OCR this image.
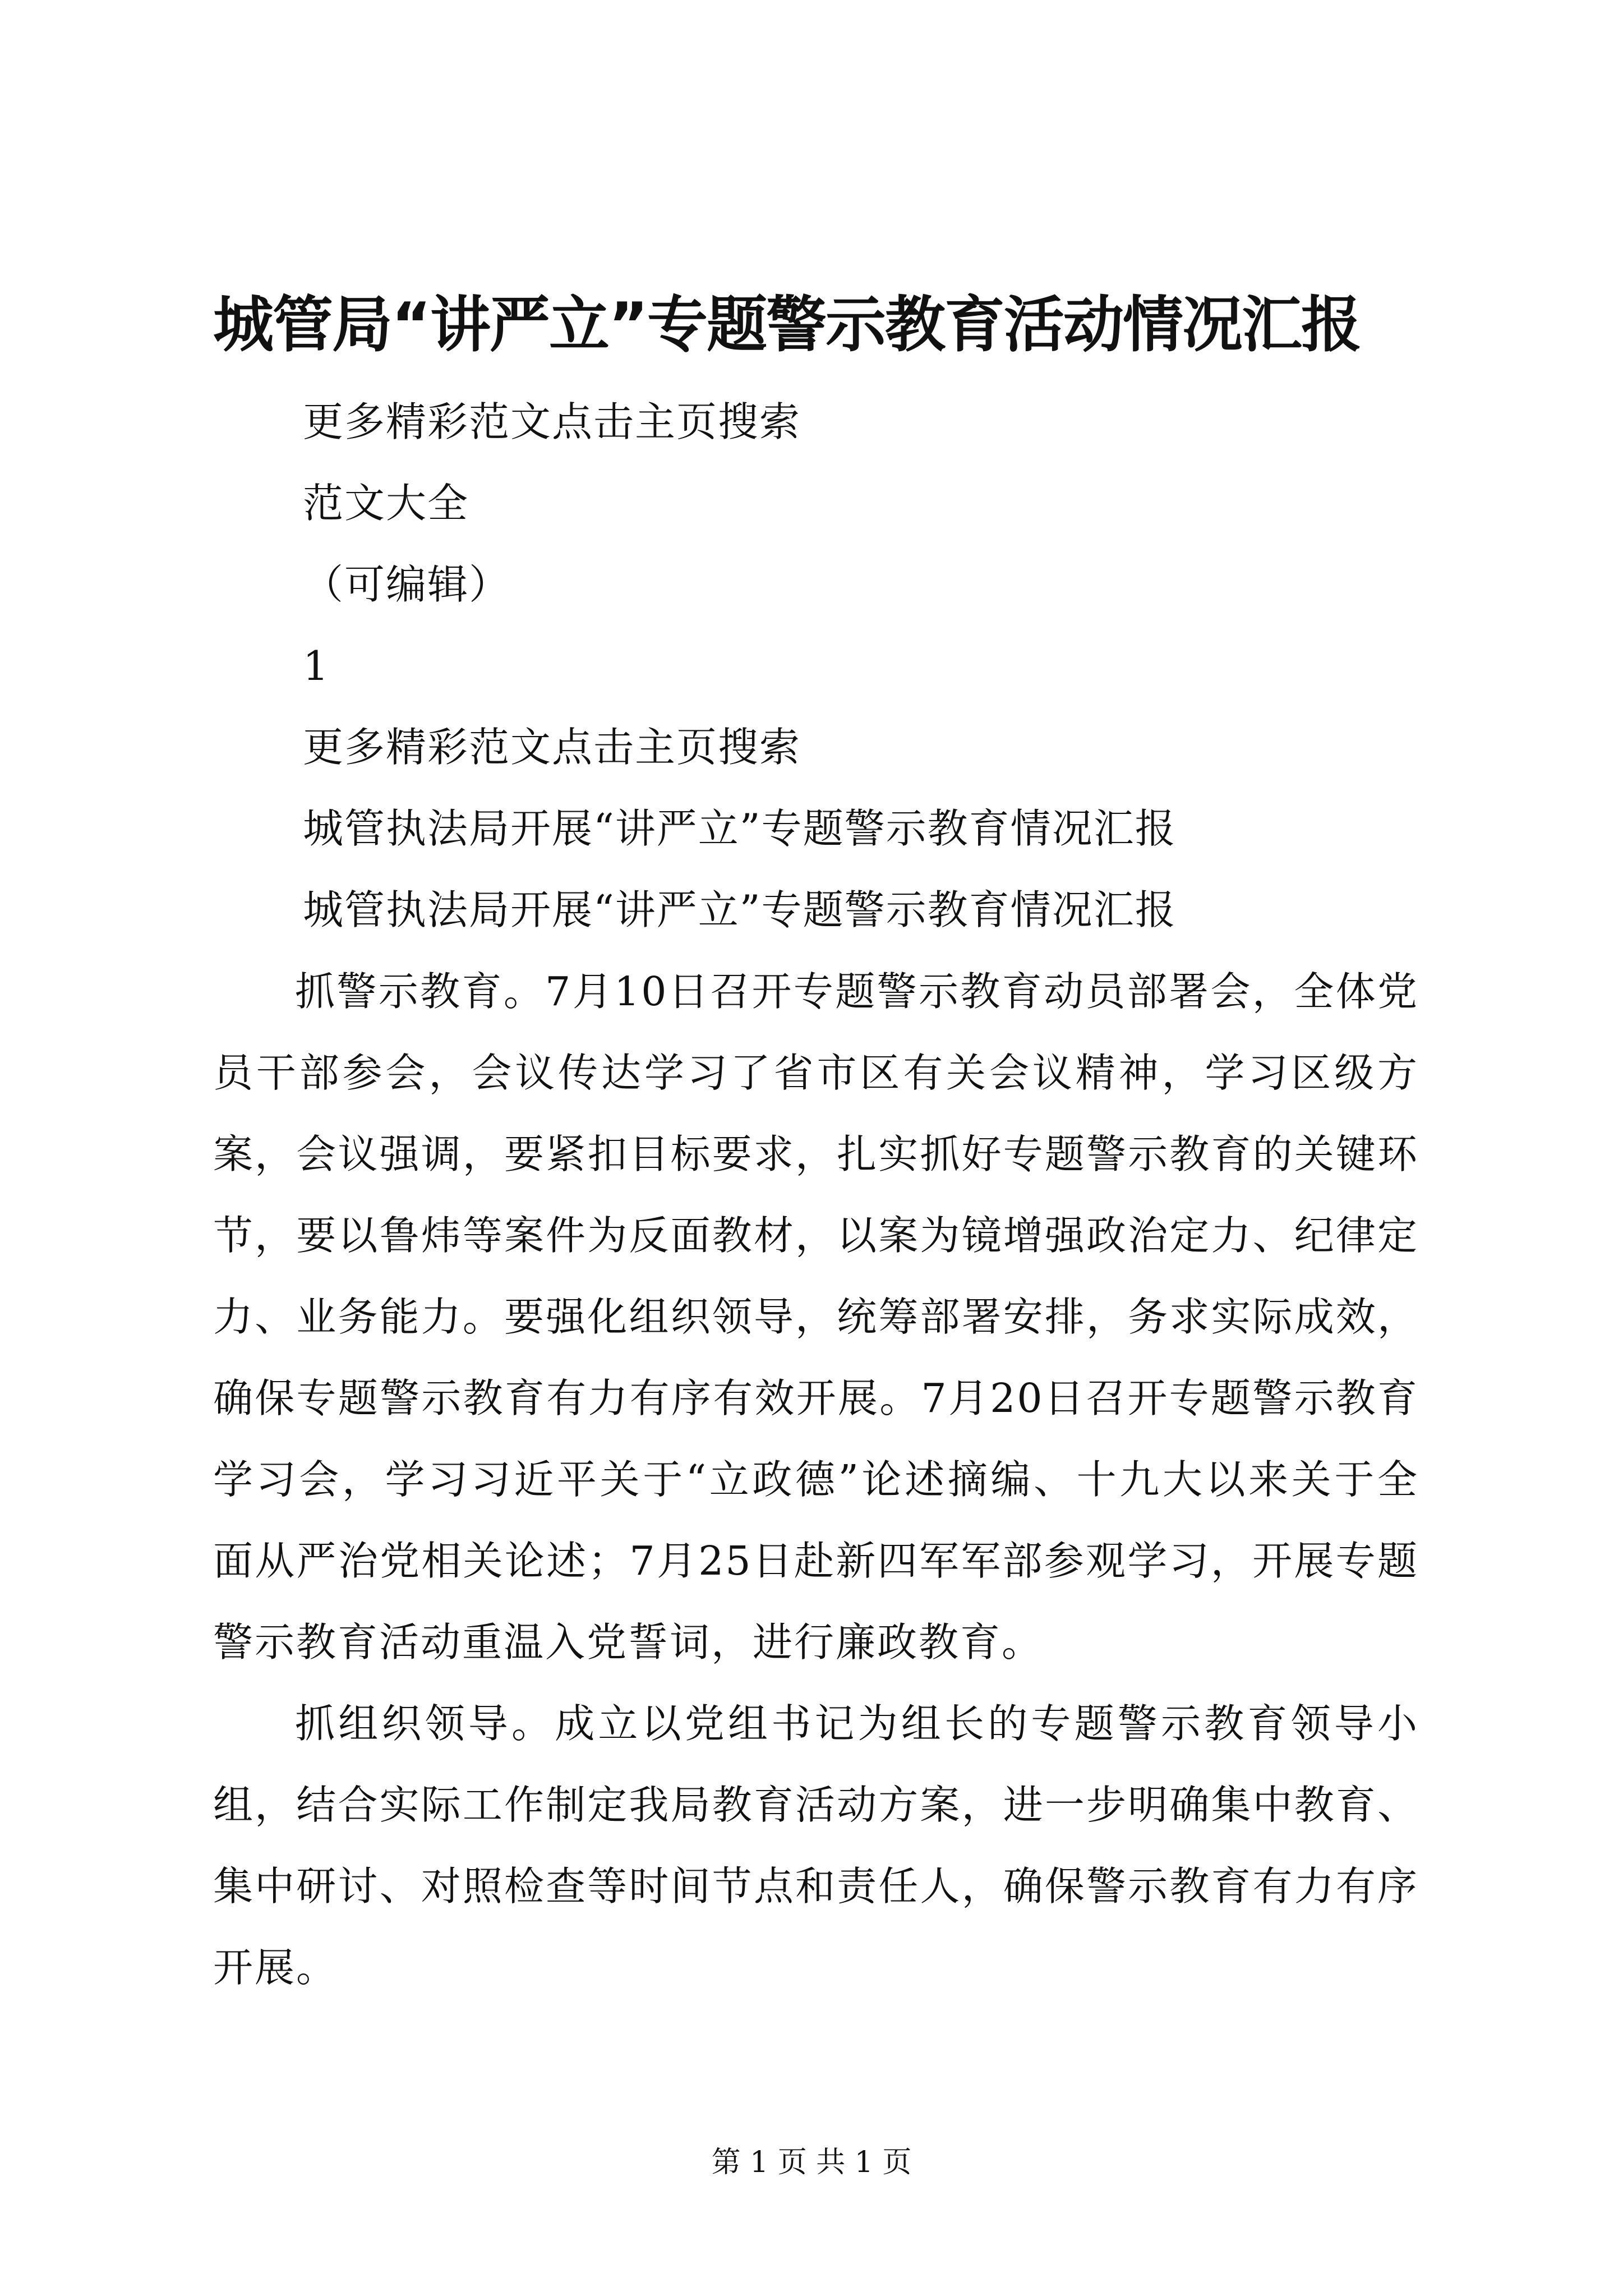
城管局“讲严立”专题警示教育活动情况汇报
更多精彩范文点击主页搜索
范文大全
（可编辑）
1
更多精彩范文点击主页搜索
城管执法局开展“讲严立”专题警示教育情况汇报
城管执法局开展“讲严立”专题警示教育情况汇报

抓警示教育。7月10日召开专题警示教育动员部署会，全体党员干部参会，会议传达学习了省市区有关会议精神，学习区级方案，会议强调，要紧扣目标要求，扎实抓好专题警示教育的关键环节，要以鲁炜等案件为反面教材，以案为镜增强政治定力、纪律定力、业务能力。要强化组织领导，统筹部署安排，务求实际成效，确保专题警示教育有力有序有效开展。7月20日召开专题警示教育学习会，学习习近平关于“立政德”论述摘编、十九大以来关于全面从严治党相关论述；7月25日赴新四军军部参观学习，开展专题警示教育活动重温入党誓词，进行廉政教育。

抓组织领导。成立以党组书记为组长的专题警示教育领导小组，结合实际工作制定我局教育活动方案，进一步明确集中教育、集中研讨、对照检查等时间节点和责任人，确保警示教育有力有序开展。

第 1 页 共 1 页
